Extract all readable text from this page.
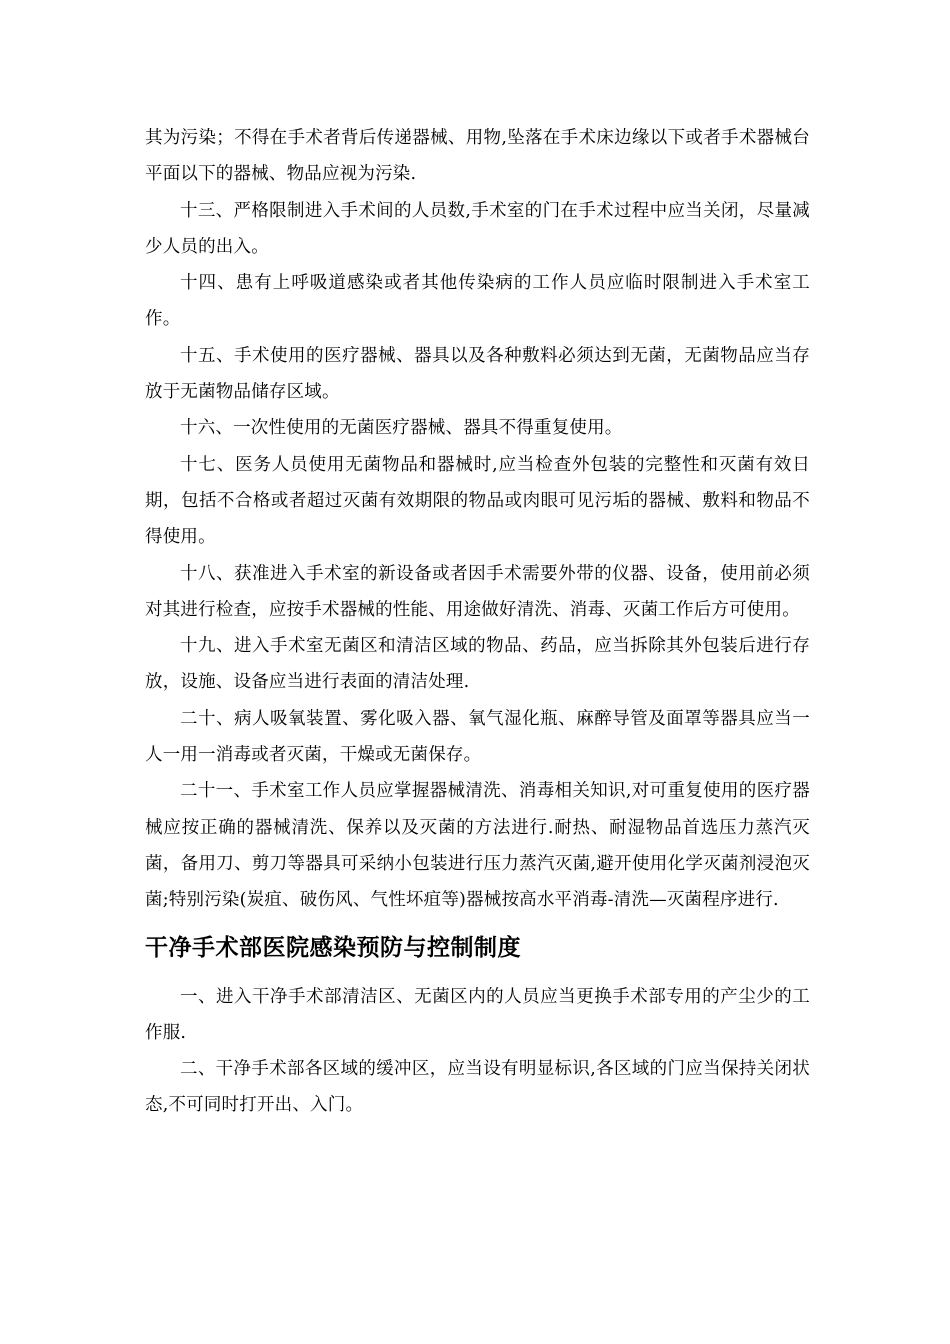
其为污染；不得在手术者背后传递器械、用物,坠落在手术床边缘以下或者手术器械台平面以下的器械、物品应视为污染.

十三、严格限制进入手术间的人员数,手术室的门在手术过程中应当关闭，尽量减少人员的出入。

十四、患有上呼吸道感染或者其他传染病的工作人员应临时限制进入手术室工作。

十五、手术使用的医疗器械、器具以及各种敷料必须达到无菌，无菌物品应当存放于无菌物品储存区域。

十六、一次性使用的无菌医疗器械、器具不得重复使用。

十七、医务人员使用无菌物品和器械时,应当检查外包装的完整性和灭菌有效日期，包括不合格或者超过灭菌有效期限的物品或肉眼可见污垢的器械、敷料和物品不得使用。

十八、获准进入手术室的新设备或者因手术需要外带的仪器、设备，使用前必须对其进行检查，应按手术器械的性能、用途做好清洗、消毒、灭菌工作后方可使用。

十九、进入手术室无菌区和清洁区域的物品、药品，应当拆除其外包装后进行存放，设施、设备应当进行表面的清洁处理.

二十、病人吸氧装置、雾化吸入器、氧气湿化瓶、麻醉导管及面罩等器具应当一人一用一消毒或者灭菌，干燥或无菌保存。

二十一、手术室工作人员应掌握器械清洗、消毒相关知识,对可重复使用的医疗器械应按正确的器械清洗、保养以及灭菌的方法进行.耐热、耐湿物品首选压力蒸汽灭菌，备用刀、剪刀等器具可采纳小包装进行压力蒸汽灭菌,避开使用化学灭菌剂浸泡灭菌;特别污染(炭疽、破伤风、气性坏疽等)器械按高水平消毒-清洗—灭菌程序进行.

干净手术部医院感染预防与控制制度

一、进入干净手术部清洁区、无菌区内的人员应当更换手术部专用的产尘少的工作服.

二、干净手术部各区域的缓冲区，应当设有明显标识,各区域的门应当保持关闭状态,不可同时打开出、入门。
